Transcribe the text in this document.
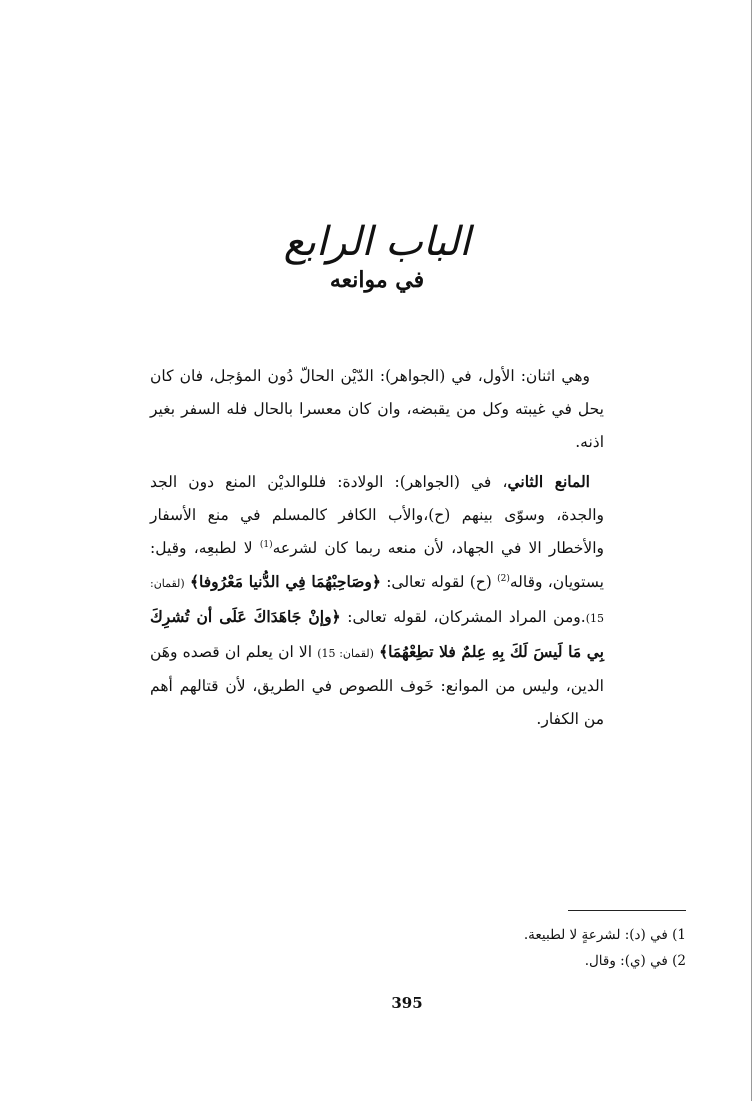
الباب الرابع
في موانعه

وهي اثنان: الأول، في (الجواهر): الدّيْن الحالّ دُون المؤجل، فان كان يحل في غيبته وكل من يقبضه، وان كان معسرا بالحال فله السفر بغير اذنه.

المانع الثاني، في (الجواهر): الولادة: فللوالديْن المنع دون الجد والجدة، وسوّى بينهم (ح)،والأب الكافر كالمسلم في منع الأسفار والأخطار الا في الجهاد، لأن منعه ربما كان لشرعه$^{(1)}$ لا لطبعِه، وقيل: يستويان، وقاله$^{(2)}$ (ح) لقوله تعالى: ﴿وصَاحِبْهُمَا فِي الدُّنيا مَعْرُوفا﴾ (لقمان: 15).ومن المراد المشركان، لقوله تعالى: ﴿وإنْ جَاهَدَاكَ عَلَى أن تُشرِكَ بِي مَا لَيسَ لَكَ بِهِ عِلمٌ فلا تطِعْهُمَا﴾ (لقمان: 15) الا ان يعلم ان قصده وهَن الدين، وليس من الموانع: خَوف اللصوص في الطريق، لأن قتالهم أهم من الكفار.

1) في (د): لشرعةٍ لا لطبيعة.

2) في (ي): وقال.

395
